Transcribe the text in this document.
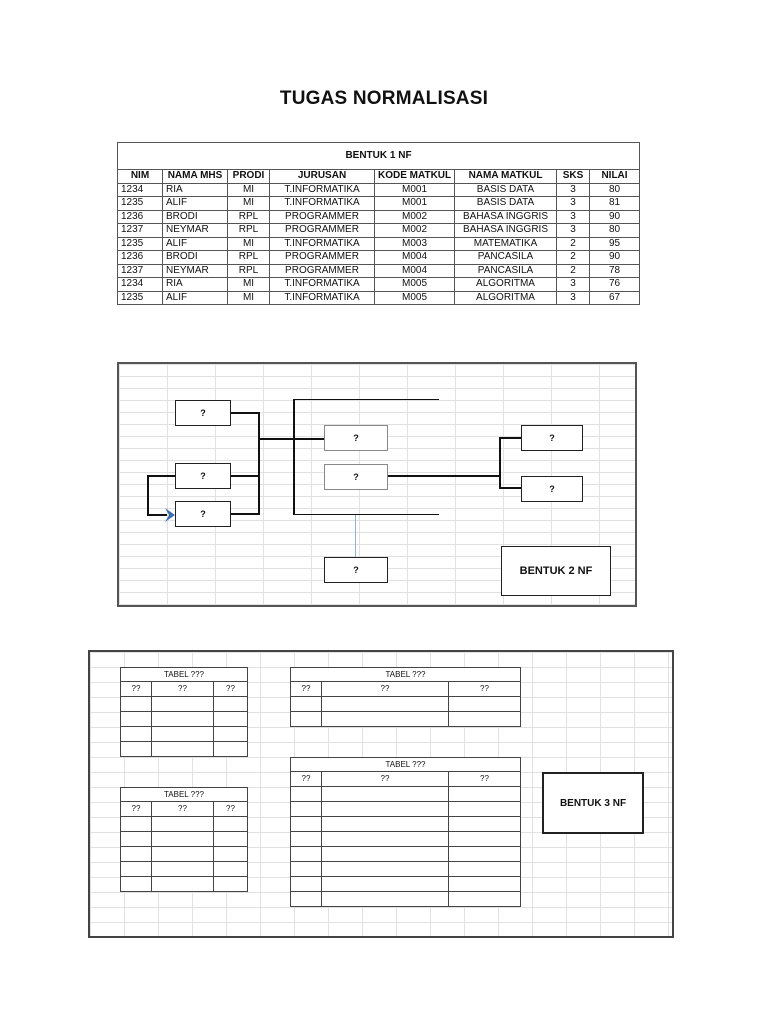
TUGAS NORMALISASI
BENTUK 1 NF							
NIM	NAMA MHS	PRODI	JURUSAN	KODE MATKUL	NAMA MATKUL	SKS	NILAI
1234	RIA	MI	T.INFORMATIKA	M001	BASIS DATA	3	80
1235	ALIF	MI	T.INFORMATIKA	M001	BASIS DATA	3	81
1236	BRODI	RPL	PROGRAMMER	M002	BAHASA INGGRIS	3	90
1237	NEYMAR	RPL	PROGRAMMER	M002	BAHASA INGGRIS	3	80
1235	ALIF	MI	T.INFORMATIKA	M003	MATEMATIKA	2	95
1236	BRODI	RPL	PROGRAMMER	M004	PANCASILA	2	90
1237	NEYMAR	RPL	PROGRAMMER	M004	PANCASILA	2	78
1234	RIA	MI	T.INFORMATIKA	M005	ALGORITMA	3	76
1235	ALIF	MI	T.INFORMATIKA	M005	ALGORITMA	3	67
?
?
?
?
?
?
?
?
BENTUK 2 NF
TABEL ???		
??	??	??

TABEL ???		
??	??	??

TABEL ???		
??	??	??

TABEL ???		
??	??	??

BENTUK 3 NF
